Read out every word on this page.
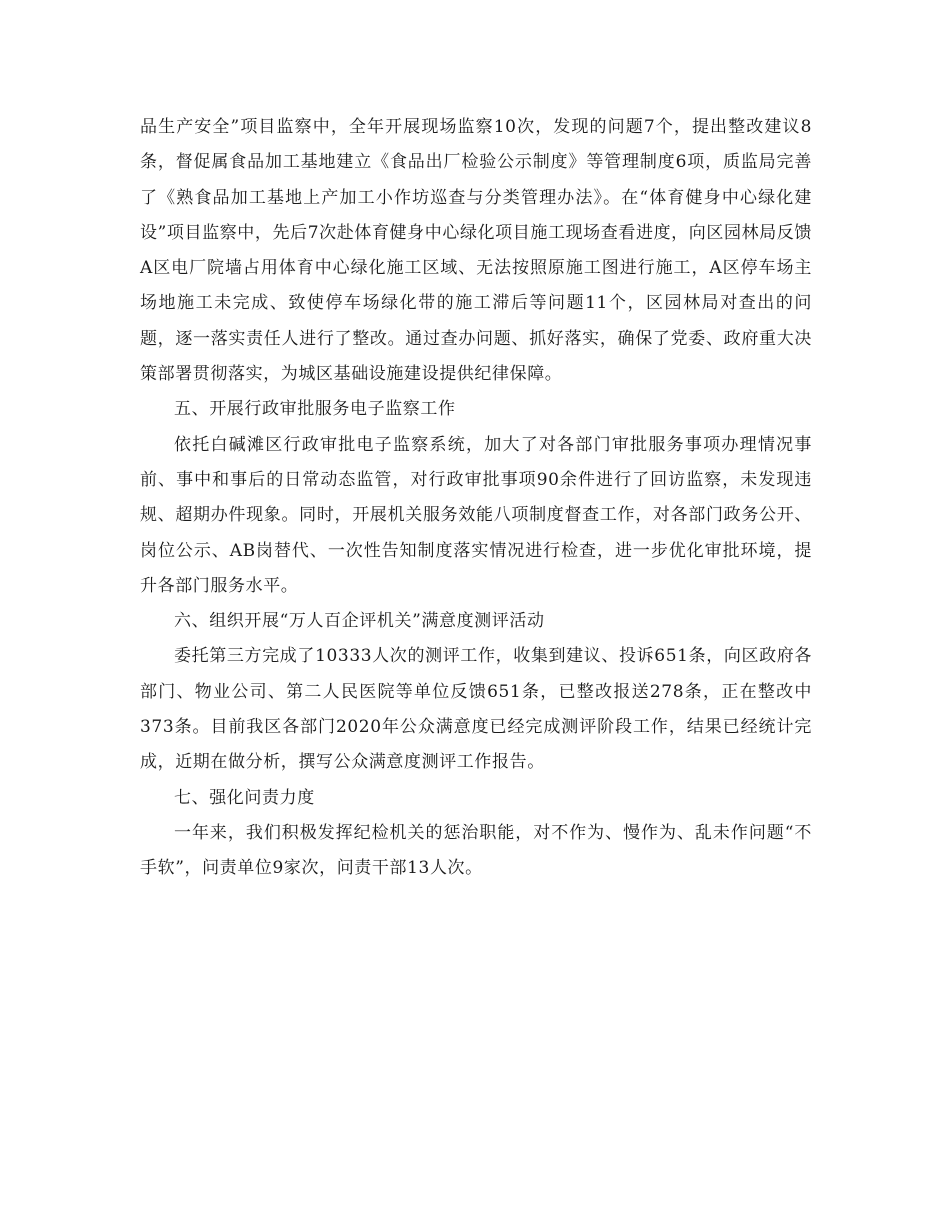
品生产安全”项目监察中，全年开展现场监察10次，发现的问题7个，提出整改建议8条，督促属食品加工基地建立《食品出厂检验公示制度》等管理制度6项，质监局完善了《熟食品加工基地上产加工小作坊巡查与分类管理办法》。在“体育健身中心绿化建设”项目监察中，先后7次赴体育健身中心绿化项目施工现场查看进度，向区园林局反馈A区电厂院墙占用体育中心绿化施工区域、无法按照原施工图进行施工，A区停车场主场地施工未完成、致使停车场绿化带的施工滞后等问题11个，区园林局对查出的问题，逐一落实责任人进行了整改。通过查办问题、抓好落实，确保了党委、政府重大决策部署贯彻落实，为城区基础设施建设提供纪律保障。

五、开展行政审批服务电子监察工作

依托白碱滩区行政审批电子监察系统，加大了对各部门审批服务事项办理情况事前、事中和事后的日常动态监管，对行政审批事项90余件进行了回访监察，未发现违规、超期办件现象。同时，开展机关服务效能八项制度督查工作，对各部门政务公开、岗位公示、AB岗替代、一次性告知制度落实情况进行检查，进一步优化审批环境，提升各部门服务水平。

六、组织开展“万人百企评机关”满意度测评活动

委托第三方完成了10333人次的测评工作，收集到建议、投诉651条，向区政府各部门、物业公司、第二人民医院等单位反馈651条，已整改报送278条，正在整改中373条。目前我区各部门2020年公众满意度已经完成测评阶段工作，结果已经统计完成，近期在做分析，撰写公众满意度测评工作报告。

七、强化问责力度

一年来，我们积极发挥纪检机关的惩治职能，对不作为、慢作为、乱未作问题“不手软”，问责单位9家次，问责干部13人次。
